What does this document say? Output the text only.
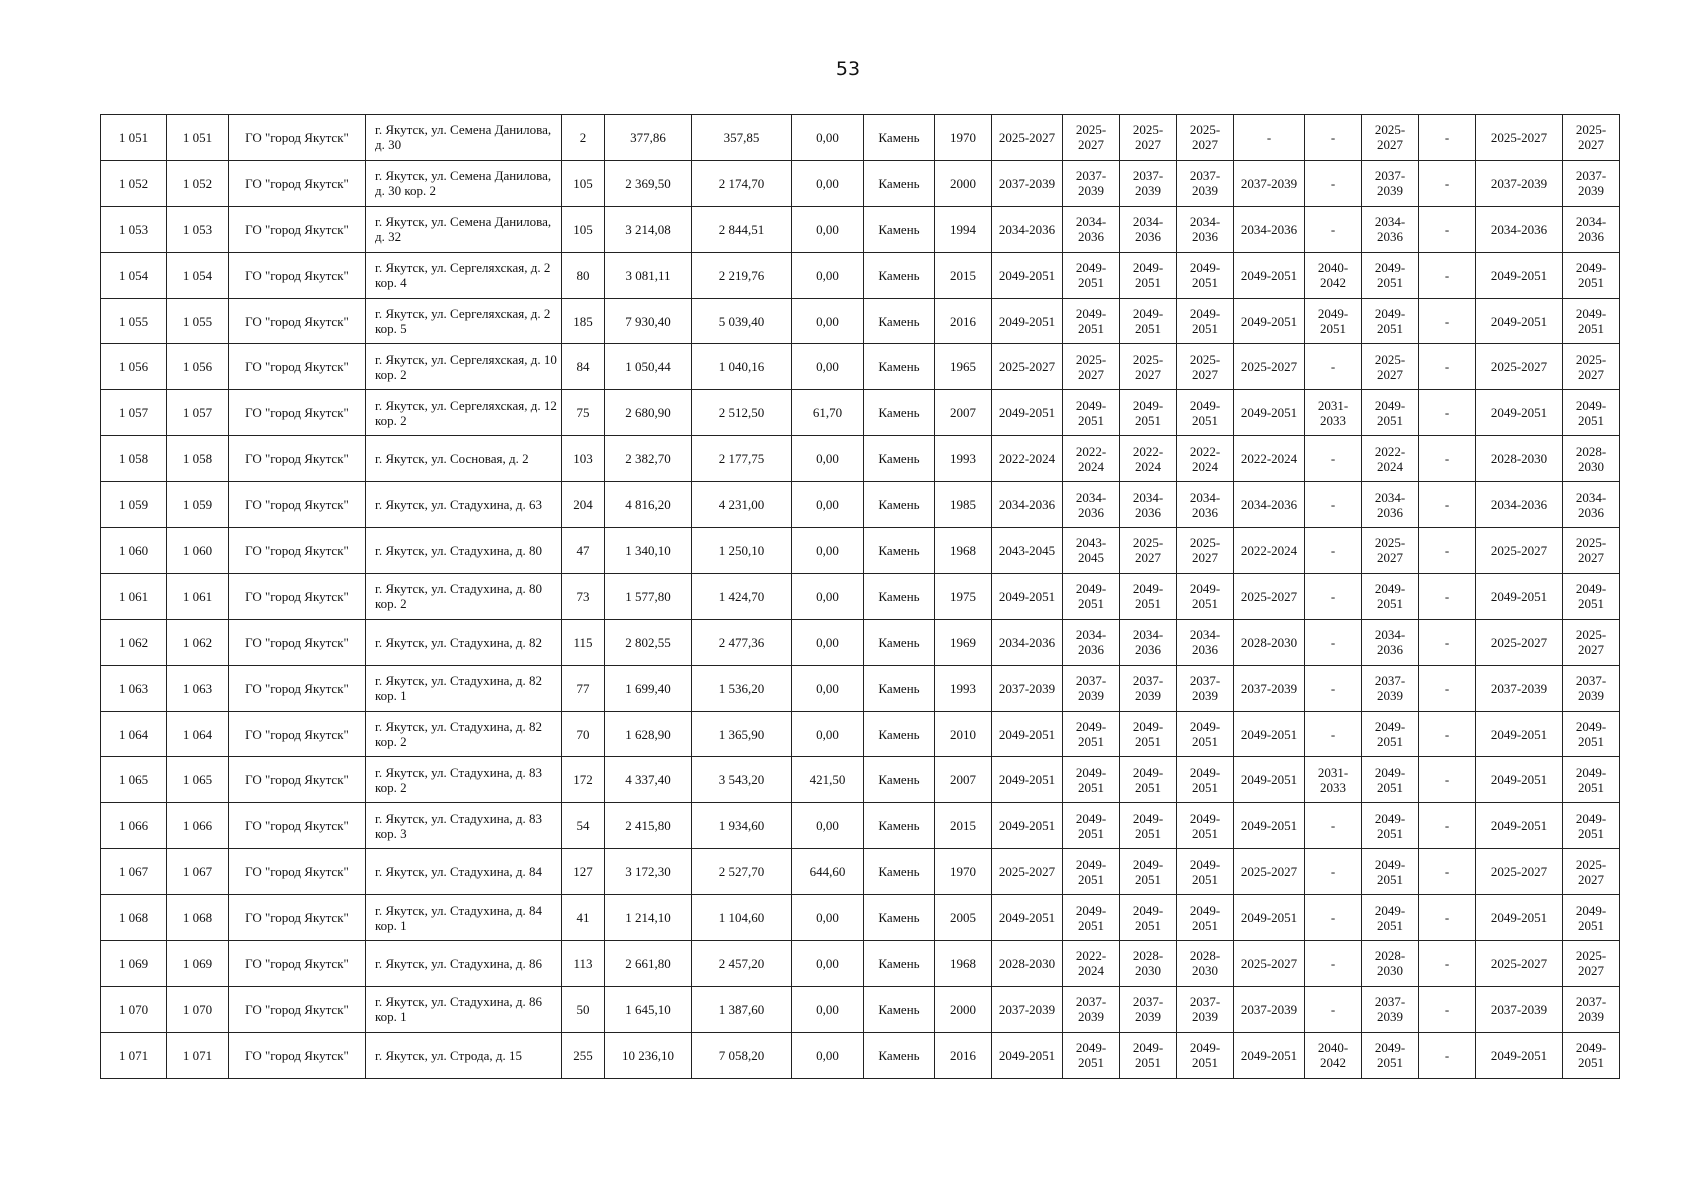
53
1 051	1 051	ГО "город Якутск"	г. Якутск, ул. Семена Данилова, д. 30	2	377,86	357,85	0,00	Камень	1970	2025-2027	2025-2027	2025-2027	2025-2027	-	-	2025-2027	-	2025-2027	2025-2027
1 052	1 052	ГО "город Якутск"	г. Якутск, ул. Семена Данилова, д. 30 кор. 2	105	2 369,50	2 174,70	0,00	Камень	2000	2037-2039	2037-2039	2037-2039	2037-2039	2037-2039	-	2037-2039	-	2037-2039	2037-2039
1 053	1 053	ГО "город Якутск"	г. Якутск, ул. Семена Данилова, д. 32	105	3 214,08	2 844,51	0,00	Камень	1994	2034-2036	2034-2036	2034-2036	2034-2036	2034-2036	-	2034-2036	-	2034-2036	2034-2036
1 054	1 054	ГО "город Якутск"	г. Якутск, ул. Сергеляхская, д. 2 кор. 4	80	3 081,11	2 219,76	0,00	Камень	2015	2049-2051	2049-2051	2049-2051	2049-2051	2049-2051	2040-2042	2049-2051	-	2049-2051	2049-2051
1 055	1 055	ГО "город Якутск"	г. Якутск, ул. Сергеляхская, д. 2 кор. 5	185	7 930,40	5 039,40	0,00	Камень	2016	2049-2051	2049-2051	2049-2051	2049-2051	2049-2051	2049-2051	2049-2051	-	2049-2051	2049-2051
1 056	1 056	ГО "город Якутск"	г. Якутск, ул. Сергеляхская, д. 10 кор. 2	84	1 050,44	1 040,16	0,00	Камень	1965	2025-2027	2025-2027	2025-2027	2025-2027	2025-2027	-	2025-2027	-	2025-2027	2025-2027
1 057	1 057	ГО "город Якутск"	г. Якутск, ул. Сергеляхская, д. 12 кор. 2	75	2 680,90	2 512,50	61,70	Камень	2007	2049-2051	2049-2051	2049-2051	2049-2051	2049-2051	2031-2033	2049-2051	-	2049-2051	2049-2051
1 058	1 058	ГО "город Якутск"	г. Якутск, ул. Сосновая, д. 2	103	2 382,70	2 177,75	0,00	Камень	1993	2022-2024	2022-2024	2022-2024	2022-2024	2022-2024	-	2022-2024	-	2028-2030	2028-2030
1 059	1 059	ГО "город Якутск"	г. Якутск, ул. Стадухина, д. 63	204	4 816,20	4 231,00	0,00	Камень	1985	2034-2036	2034-2036	2034-2036	2034-2036	2034-2036	-	2034-2036	-	2034-2036	2034-2036
1 060	1 060	ГО "город Якутск"	г. Якутск, ул. Стадухина, д. 80	47	1 340,10	1 250,10	0,00	Камень	1968	2043-2045	2043-2045	2025-2027	2025-2027	2022-2024	-	2025-2027	-	2025-2027	2025-2027
1 061	1 061	ГО "город Якутск"	г. Якутск, ул. Стадухина, д. 80 кор. 2	73	1 577,80	1 424,70	0,00	Камень	1975	2049-2051	2049-2051	2049-2051	2049-2051	2025-2027	-	2049-2051	-	2049-2051	2049-2051
1 062	1 062	ГО "город Якутск"	г. Якутск, ул. Стадухина, д. 82	115	2 802,55	2 477,36	0,00	Камень	1969	2034-2036	2034-2036	2034-2036	2034-2036	2028-2030	-	2034-2036	-	2025-2027	2025-2027
1 063	1 063	ГО "город Якутск"	г. Якутск, ул. Стадухина, д. 82 кор. 1	77	1 699,40	1 536,20	0,00	Камень	1993	2037-2039	2037-2039	2037-2039	2037-2039	2037-2039	-	2037-2039	-	2037-2039	2037-2039
1 064	1 064	ГО "город Якутск"	г. Якутск, ул. Стадухина, д. 82 кор. 2	70	1 628,90	1 365,90	0,00	Камень	2010	2049-2051	2049-2051	2049-2051	2049-2051	2049-2051	-	2049-2051	-	2049-2051	2049-2051
1 065	1 065	ГО "город Якутск"	г. Якутск, ул. Стадухина, д. 83 кор. 2	172	4 337,40	3 543,20	421,50	Камень	2007	2049-2051	2049-2051	2049-2051	2049-2051	2049-2051	2031-2033	2049-2051	-	2049-2051	2049-2051
1 066	1 066	ГО "город Якутск"	г. Якутск, ул. Стадухина, д. 83 кор. 3	54	2 415,80	1 934,60	0,00	Камень	2015	2049-2051	2049-2051	2049-2051	2049-2051	2049-2051	-	2049-2051	-	2049-2051	2049-2051
1 067	1 067	ГО "город Якутск"	г. Якутск, ул. Стадухина, д. 84	127	3 172,30	2 527,70	644,60	Камень	1970	2025-2027	2049-2051	2049-2051	2049-2051	2025-2027	-	2049-2051	-	2025-2027	2025-2027
1 068	1 068	ГО "город Якутск"	г. Якутск, ул. Стадухина, д. 84 кор. 1	41	1 214,10	1 104,60	0,00	Камень	2005	2049-2051	2049-2051	2049-2051	2049-2051	2049-2051	-	2049-2051	-	2049-2051	2049-2051
1 069	1 069	ГО "город Якутск"	г. Якутск, ул. Стадухина, д. 86	113	2 661,80	2 457,20	0,00	Камень	1968	2028-2030	2022-2024	2028-2030	2028-2030	2025-2027	-	2028-2030	-	2025-2027	2025-2027
1 070	1 070	ГО "город Якутск"	г. Якутск, ул. Стадухина, д. 86 кор. 1	50	1 645,10	1 387,60	0,00	Камень	2000	2037-2039	2037-2039	2037-2039	2037-2039	2037-2039	-	2037-2039	-	2037-2039	2037-2039
1 071	1 071	ГО "город Якутск"	г. Якутск, ул. Строда, д. 15	255	10 236,10	7 058,20	0,00	Камень	2016	2049-2051	2049-2051	2049-2051	2049-2051	2049-2051	2040-2042	2049-2051	-	2049-2051	2049-2051
